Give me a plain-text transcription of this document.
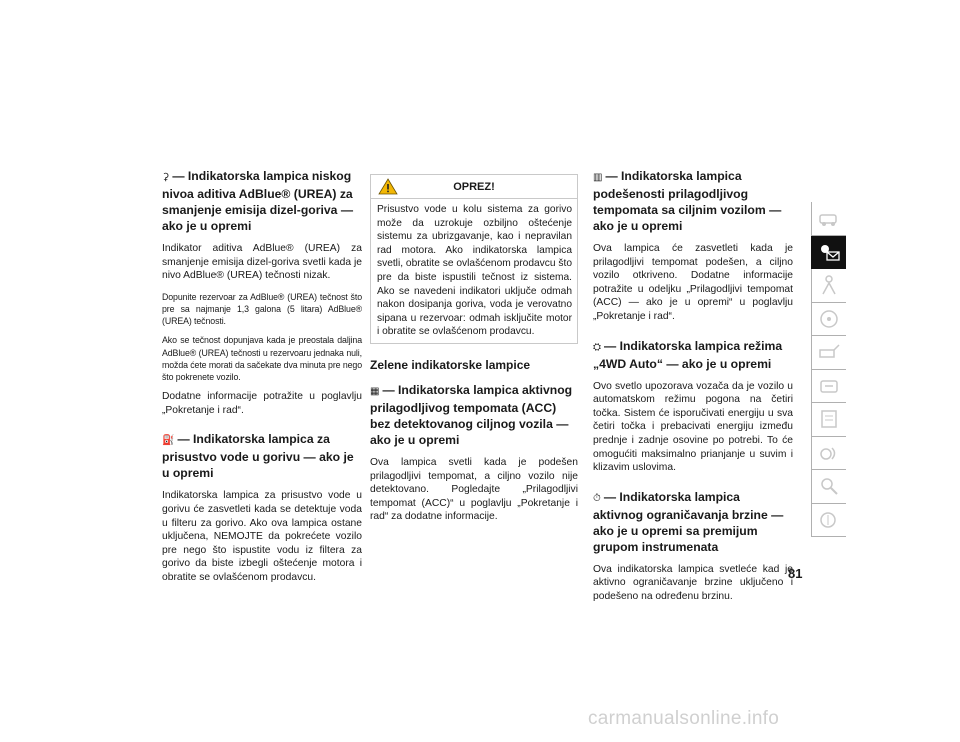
⚳ — Indikatorska lampica niskog nivoa aditiva AdBlue® (UREA) za smanjenje emisija dizel-goriva — ako je u opremi

Indikator aditiva AdBlue® (UREA) za smanjenje emisija dizel-goriva svetli kada je nivo AdBlue® (UREA) tečnosti nizak.

Dopunite rezervoar za AdBlue® (UREA) tečnost što pre sa najmanje 1,3 galona (5 litara) AdBlue® (UREA) tečnosti.

Ako se tečnost dopunjava kada je preostala daljina AdBlue® (UREA) tečnosti u rezervoaru jednaka nuli, možda ćete morati da sačekate dva minuta pre nego što pokrenete vozilo.

Dodatne informacije potražite u poglavlju „Pokretanje i rad“.

⛽ — Indikatorska lampica za prisustvo vode u gorivu — ako je u opremi

Indikatorska lampica za prisustvo vode u gorivu će zasvetleti kada se detektuje voda u filteru za gorivo. Ako ova lampica ostane uključena, NEMOJTE da pokrećete vozilo pre nego što ispustite vodu iz filtera za gorivo da biste izbegli oštećenje motora i obratite se ovlašćenom prodavcu.

OPREZ!

Prisustvo vode u kolu sistema za gorivo može da uzrokuje ozbiljno oštećenje sistemu za ubrizgavanje, kao i nepravilan rad motora. Ako indikatorska lampica svetli, obratite se ovlašćenom prodavcu što pre da biste ispustili tečnost iz sistema. Ako se navedeni indikatori uključe odmah nakon dosipanja goriva, voda je verovatno sipana u rezervoar: odmah isključite motor i obratite se ovlašćenom prodavcu.

Zelene indikatorske lampice
▦ — Indikatorska lampica aktivnog prilagodljivog tempomata (ACC) bez detektovanog ciljnog vozila — ako je u opremi

Ova lampica svetli kada je podešen prilagodljivi tempomat, a ciljno vozilo nije detektovano. Pogledajte „Prilagodljivi tempomat (ACC)“ u poglavlju „Pokretanje i rad“ za dodatne informacije.

▥ — Indikatorska lampica podešenosti prilagodljivog tempomata sa ciljnim vozilom — ako je u opremi

Ova lampica će zasvetleti kada je prilagodljivi tempomat podešen, a ciljno vozilo otkriveno. Dodatne informacije potražite u odeljku „Prilagodljivi tempomat (ACC) — ako je u opremi“ u poglavlju „Pokretanje i rad“.

⛭ — Indikatorska lampica režima „4WD Auto“ — ako je u opremi

Ovo svetlo upozorava vozača da je vozilo u automatskom režimu pogona na četiri točka. Sistem će isporučivati energiju u sva četiri točka i prebacivati energiju između prednje i zadnje osovine po potrebi. To će omogućiti maksimalno prianjanje u suvim i klizavim uslovima.

⏱ — Indikatorska lampica aktivnog ograničavanja brzine — ako je u opremi sa premijum grupom instrumenata

Ova indikatorska lampica svetleće kad je aktivno ograničavanje brzine uključeno i podešeno na određenu brzinu.

81
carmanualsonline.info
